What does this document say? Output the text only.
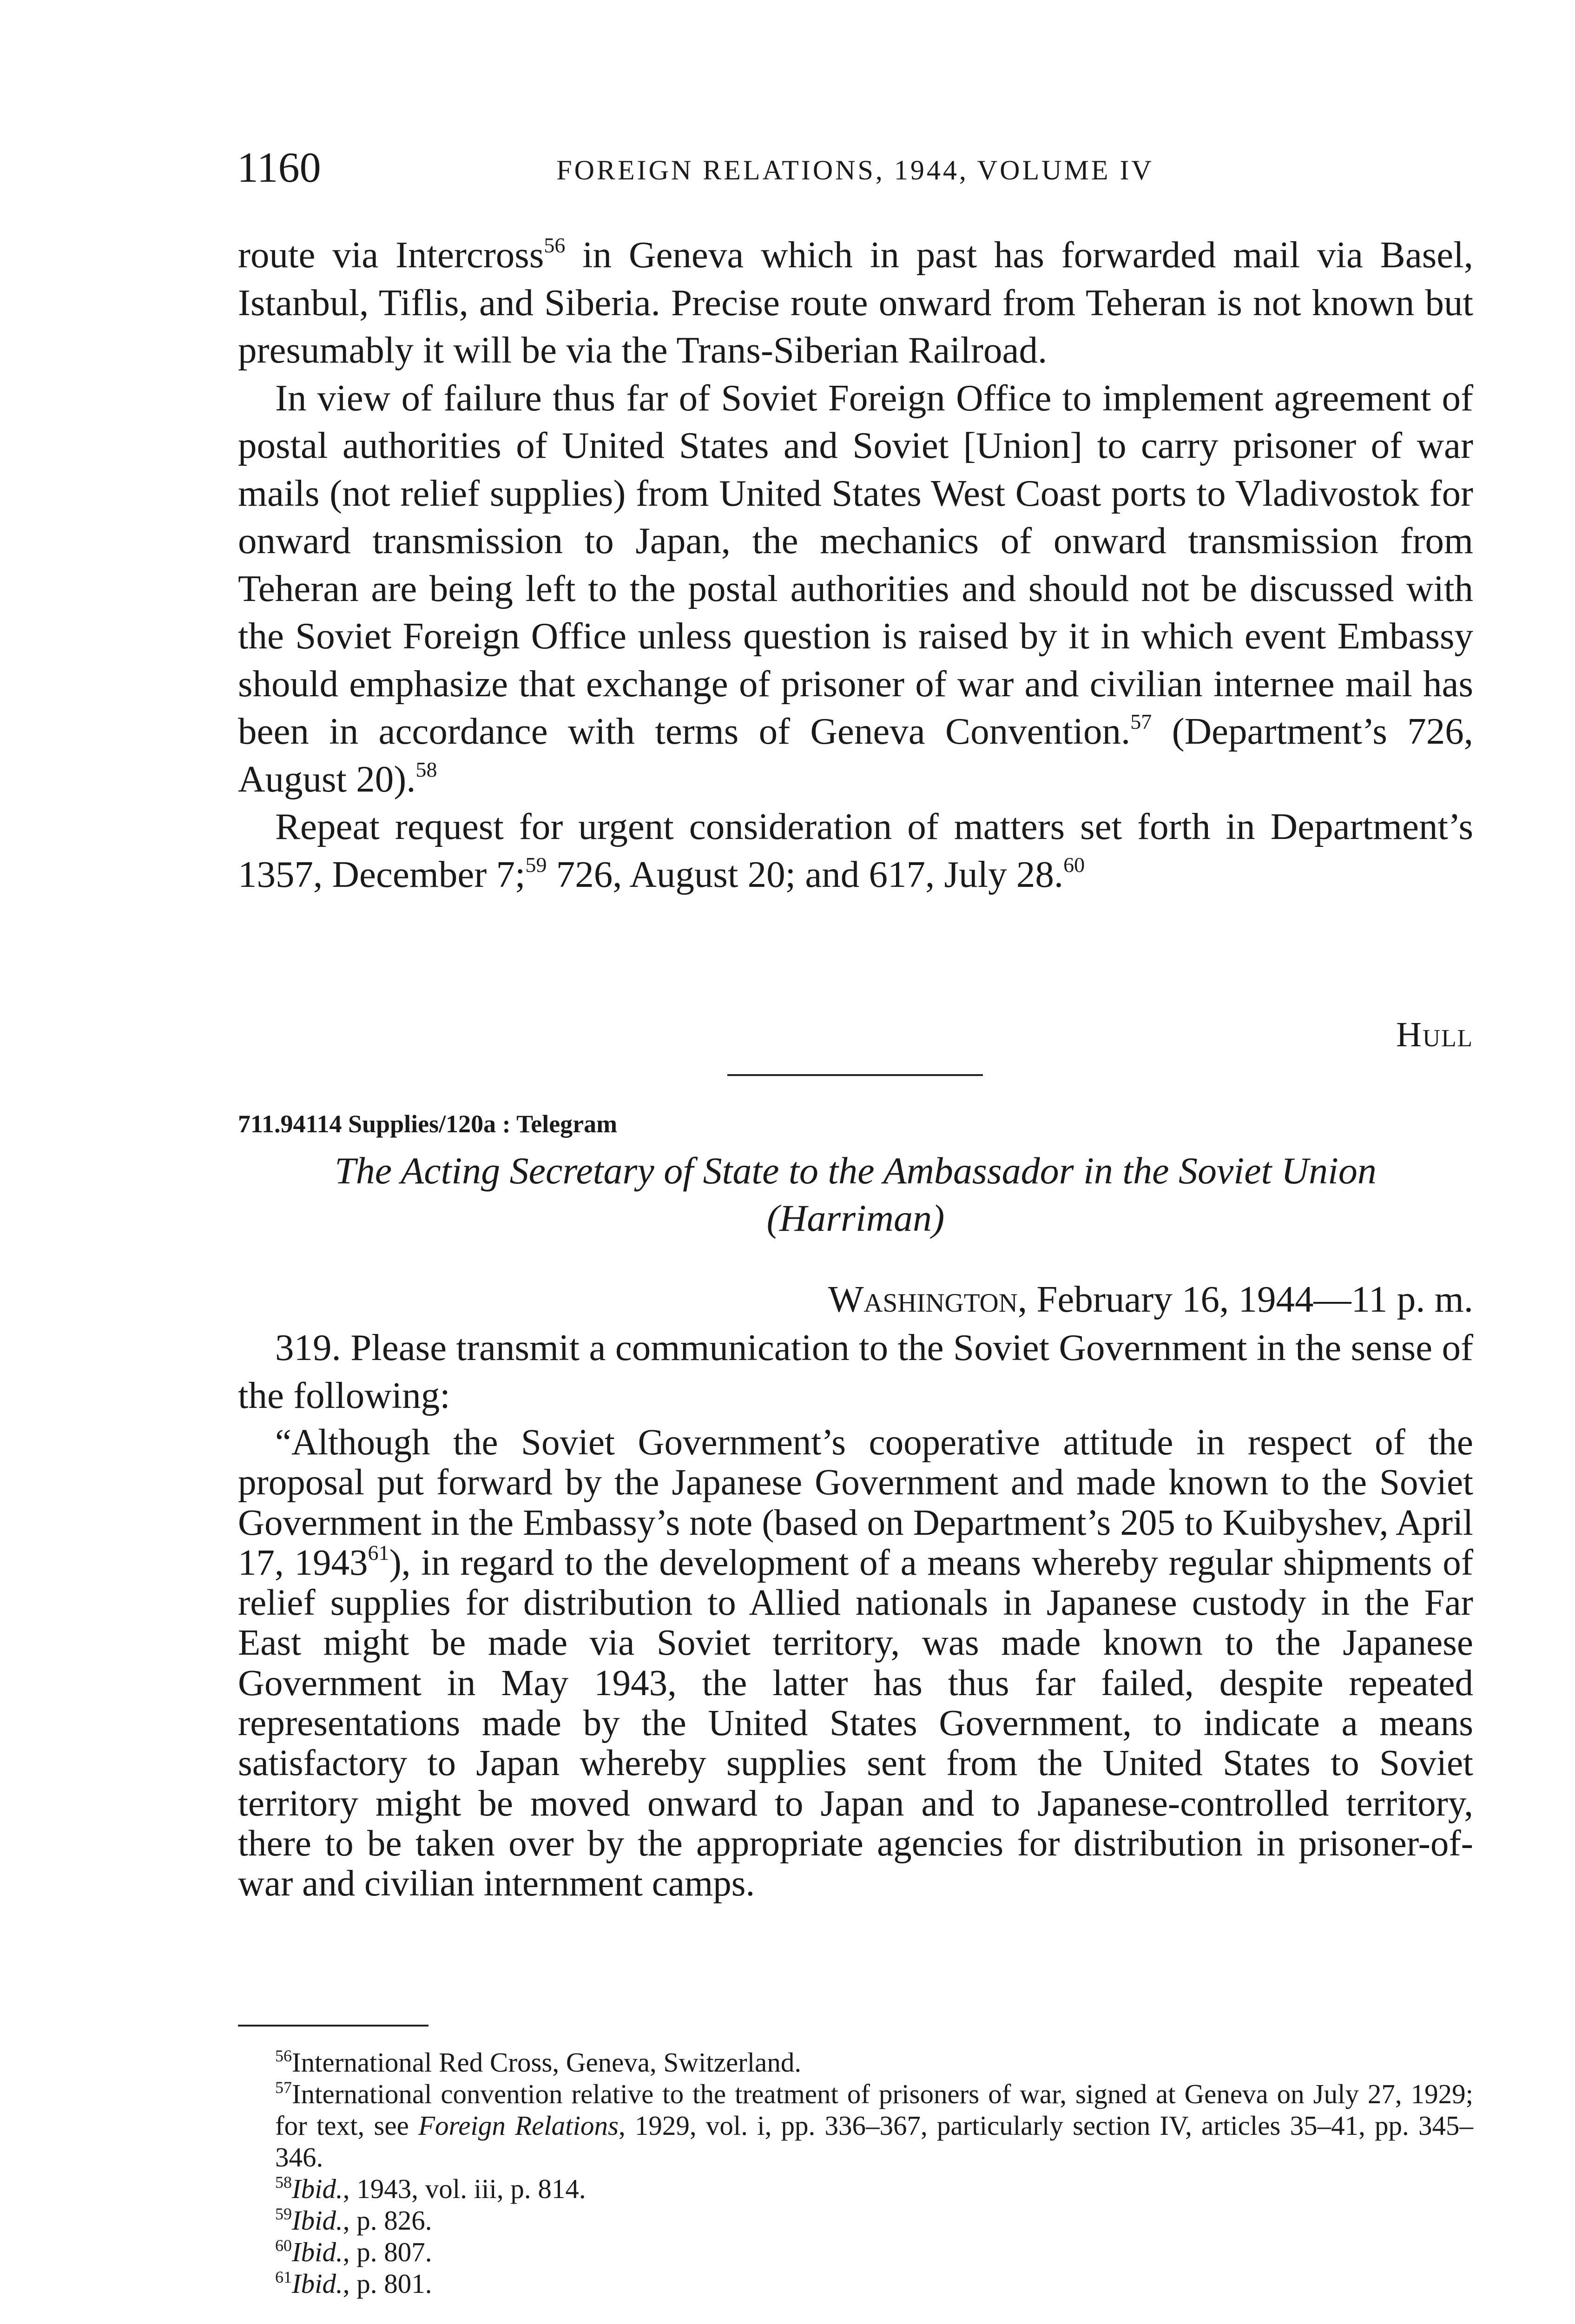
1160	FOREIGN RELATIONS, 1944, VOLUME IV

route via Intercross$^{56}$ in Geneva which in past has forwarded mail via Basel, Istanbul, Tiflis, and Siberia. Precise route onward from Teheran is not known but presumably it will be via the Trans-Siberian Railroad.

In view of failure thus far of Soviet Foreign Office to implement agreement of postal authorities of United States and Soviet [Union] to carry prisoner of war mails (not relief supplies) from United States West Coast ports to Vladivostok for onward transmission to Japan, the mechanics of onward transmission from Teheran are being left to the postal authorities and should not be discussed with the Soviet Foreign Office unless question is raised by it in which event Embassy should emphasize that exchange of prisoner of war and civilian internee mail has been in accordance with terms of Geneva Convention.$^{57}$ (Department’s 726, August 20).$^{58}$

Repeat request for urgent consideration of matters set forth in Department’s 1357, December 7;$^{59}$ 726, August 20; and 617, July 28.60

Hull
711.94114 Supplies/120a : Telegram
The Acting Secretary of State to the Ambassador in the Soviet Union
(Harriman)
Washington, February 16, 1944—11 p. m.

319. Please transmit a communication to the Soviet Government in the sense of the following:

“Although the Soviet Government’s cooperative attitude in respect of the proposal put forward by the Japanese Government and made known to the Soviet Government in the Embassy’s note (based on Department’s 205 to Kuibyshev, April 17, 1943$^{61}$), in regard to the development of a means whereby regular shipments of relief supplies for distribution to Allied nationals in Japanese custody in the Far East might be made via Soviet territory, was made known to the Japanese Government in May 1943, the latter has thus far failed, despite repeated representations made by the United States Government, to indicate a means satisfactory to Japan whereby supplies sent from the United States to Soviet territory might be moved onward to Japan and to Japanese-controlled territory, there to be taken over by the appropriate agencies for distribution in prisoner-of-war and civilian internment camps.

$^{56}$International Red Cross, Geneva, Switzerland.

$^{57}$International convention relative to the treatment of prisoners of war, signed at Geneva on July 27, 1929; for text, see Foreign Relations, 1929, vol. i, pp. 336–367, particularly section IV, articles 35–41, pp. 345–346.

$^{58}$Ibid., 1943, vol. iii, p. 814.

$^{59}$Ibid., p. 826.

$^{60}$Ibid., p. 807.

$^{61}$Ibid., p. 801.
